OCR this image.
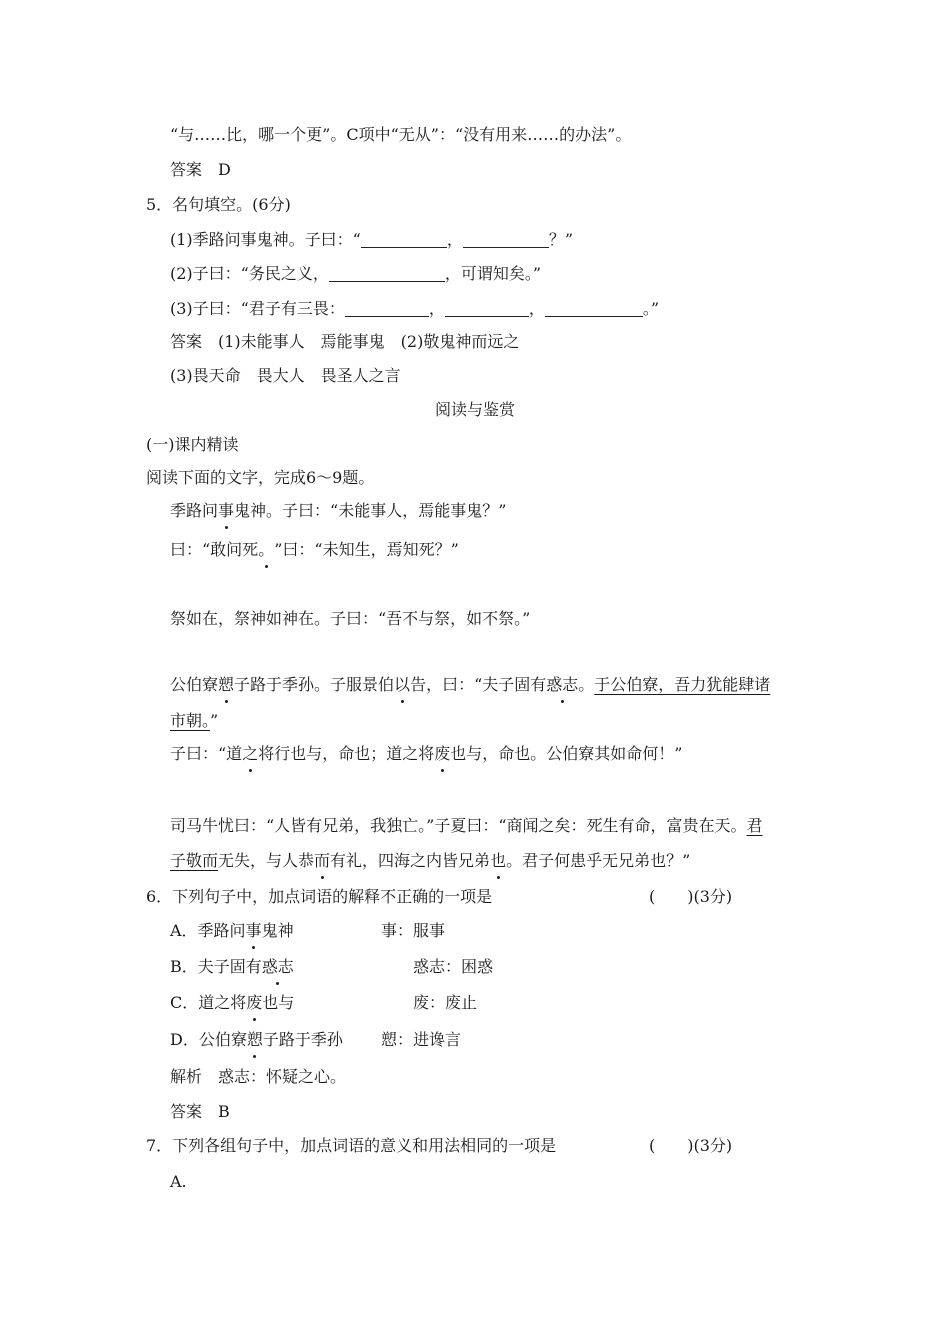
“与……比，哪一个更”。C项中“无从”：“没有用来……的办法”。
答案　D
5．名句填空。(6分)
(1)季路问事鬼神。子曰：“	，	？”
(2)子曰：“务民之义，	，可谓知矣。”
(3)子曰：“君子有三畏：	，	，	。”
答案　(1)未能事人　焉能事鬼　(2)敬鬼神而远之
(3)畏天命　畏大人　畏圣人之言
阅读与鉴赏
(一)课内精读
阅读下面的文字，完成6～9题。
季路问事鬼神。子曰：“未能事人，焉能事鬼？”
曰：“敢问死。”曰：“未知生，焉知死？”
祭如在，祭神如神在。子曰：“吾不与祭，如不祭。”
公伯寮愬子路于季孙。子服景伯以告，曰：“夫子固有惑志。于公伯寮，吾力犹能肆诸
市朝。”
子曰：“道之将行也与，命也；道之将废也与，命也。公伯寮其如命何！”
司马牛忧曰：“人皆有兄弟，我独亡。”子夏曰：“商闻之矣：死生有命，富贵在天。君
子敬而无失，与人恭而有礼，四海之内皆兄弟也。君子何患乎无兄弟也？”
6．下列句子中，加点词语的解释不正确的一项是	(　　)(3分)
A．季路问事鬼神	事：服事
B．夫子固有惑志	惑志：困惑
C．道之将废也与	废：废止
D．公伯寮愬子路于季孙 愬：进谗言
解析　惑志：怀疑之心。
答案　B
7．下列各组句子中，加点词语的意义和用法相同的一项是	(　　)(3分)
A.
